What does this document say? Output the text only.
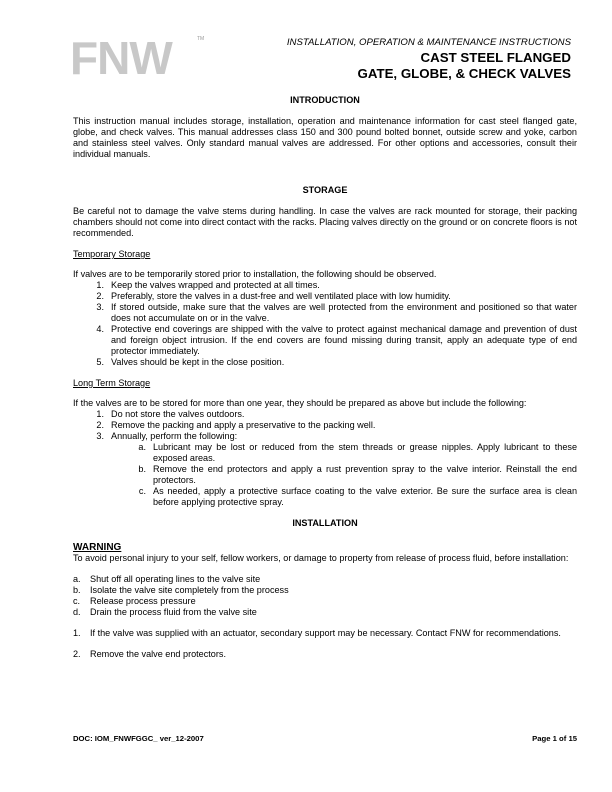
FNW	TM	INSTALLATION, OPERATION & MAINTENANCE INSTRUCTIONS
CAST STEEL FLANGED
GATE, GLOBE, & CHECK VALVES
INTRODUCTION

This instruction manual includes storage, installation, operation and maintenance information for cast steel flanged gate, globe, and check valves. This manual addresses class 150 and 300 pound bolted bonnet, outside screw and yoke, carbon and stainless steel valves. Only standard manual valves are addressed. For other options and accessories, consult their individual manuals.

STORAGE

Be careful not to damage the valve stems during handling. In case the valves are rack mounted for storage, their packing chambers should not come into direct contact with the racks. Placing valves directly on the ground or on concrete floors is not recommended.

Temporary Storage
If valves are to be temporarily stored prior to installation, the following should be observed.
1. Keep the valves wrapped and protected at all times.
2. Preferably, store the valves in a dust-free and well ventilated place with low humidity.
3. If stored outside, make sure that the valves are well protected from the environment and positioned so that water does not accumulate on or in the valve.
4. Protective end coverings are shipped with the valve to protect against mechanical damage and prevention of dust and foreign object intrusion. If the end covers are found missing during transit, apply an adequate type of end protector immediately.
5. Valves should be kept in the close position.
Long Term Storage
If the valves are to be stored for more than one year, they should be prepared as above but include the following:
1. Do not store the valves outdoors.
2. Remove the packing and apply a preservative to the packing well.
3. Annually, perform the following:
a. Lubricant may be lost or reduced from the stem threads or grease nipples. Apply lubricant to these exposed areas.
b. Remove the end protectors and apply a rust prevention spray to the valve interior. Reinstall the end protectors.
c. As needed, apply a protective surface coating to the valve exterior. Be sure the surface area is clean before applying protective spray.
INSTALLATION
WARNING
To avoid personal injury to your self, fellow workers, or damage to property from release of process fluid, before installation:
a.	Shut off all operating lines to the valve site
b.	Isolate the valve site completely from the process
c.	Release process pressure
d.	Drain the process fluid from the valve site
1.	If the valve was supplied with an actuator, secondary support may be necessary. Contact FNW for recommendations.
2.	Remove the valve end protectors.
DOC: IOM_FNWFGGC_ ver_12-2007	Page 1 of 15
